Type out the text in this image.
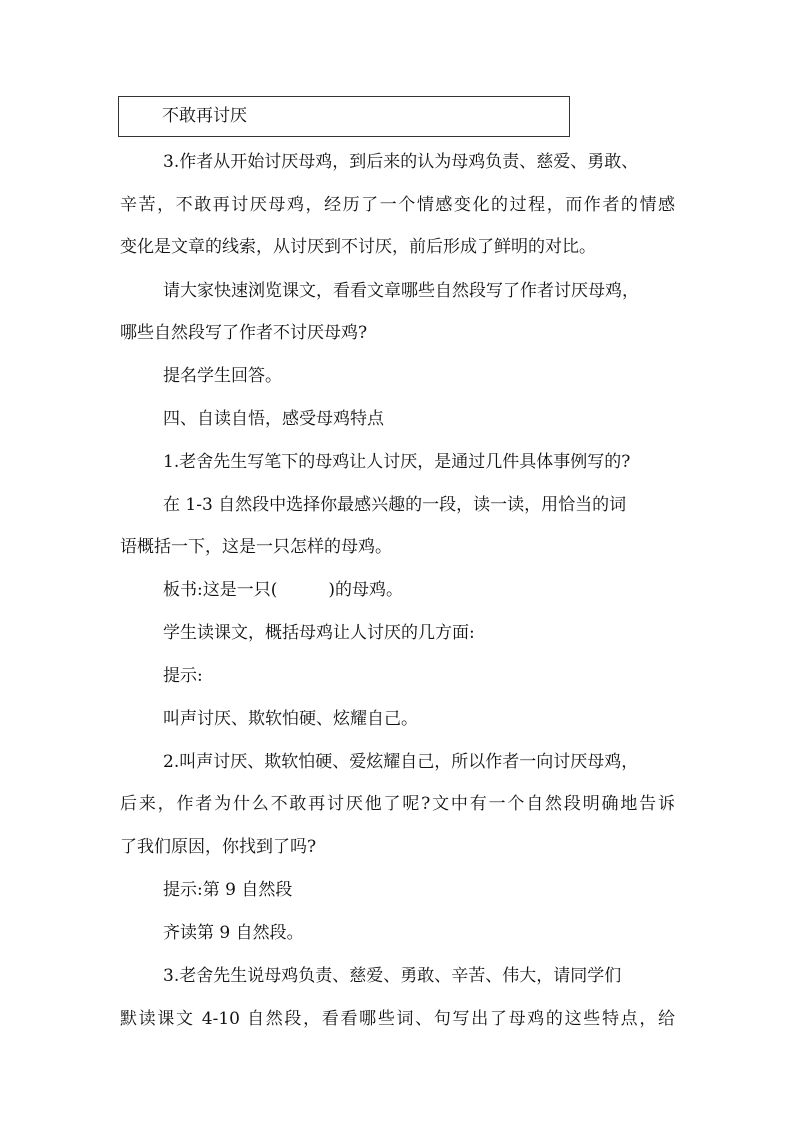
不敢再讨厌
3.作者从开始讨厌母鸡，到后来的认为母鸡负责、慈爱、勇敢、
辛苦，不敢再讨厌母鸡，经历了一个情感变化的过程，而作者的情感
变化是文章的线索，从讨厌到不讨厌，前后形成了鲜明的对比。
请大家快速浏览课文，看看文章哪些自然段写了作者讨厌母鸡，
哪些自然段写了作者不讨厌母鸡?
提名学生回答。
四、自读自悟，感受母鸡特点
1.老舍先生写笔下的母鸡让人讨厌，是通过几件具体事例写的?
在 1-3 自然段中选择你最感兴趣的一段，读一读，用恰当的词
语概括一下，这是一只怎样的母鸡。
板书:这是一只(　　　)的母鸡。
学生读课文，概括母鸡让人讨厌的几方面:
提示:
叫声讨厌、欺软怕硬、炫耀自己。
2.叫声讨厌、欺软怕硬、爱炫耀自己，所以作者一向讨厌母鸡，
后来，作者为什么不敢再讨厌他了呢?文中有一个自然段明确地告诉
了我们原因，你找到了吗?
提示:第 9 自然段
齐读第 9 自然段。
3.老舍先生说母鸡负责、慈爱、勇敢、辛苦、伟大，请同学们
默读课文 4-10 自然段，看看哪些词、句写出了母鸡的这些特点，给
